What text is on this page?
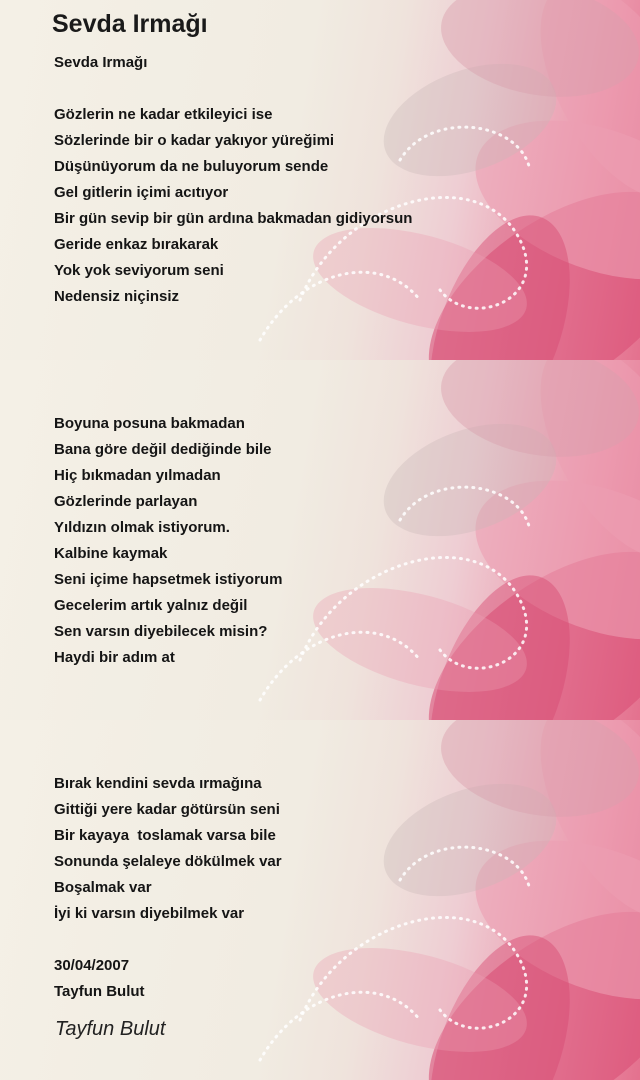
Sevda Irmağı
Sevda Irmağı
Gözlerin ne kadar etkileyici ise
Sözlerinde bir o kadar yakıyor yüreğimi
Düşünüyorum da ne buluyorum sende
Gel gitlerin içimi acıtıyor
Bir gün sevip bir gün ardına bakmadan gidiyorsun
Geride enkaz bırakarak
Yok yok seviyorum seni
Nedensiz niçinsiz
Boyuna posuna bakmadan
Bana göre değil dediğinde bile
Hiç bıkmadan yılmadan
Gözlerinde parlayan
Yıldızın olmak istiyorum.
Kalbine kaymak
Seni içime hapsetmek istiyorum
Gecelerim artık yalnız değil
Sen varsın diyebilecek misin?
Haydi bir adım at
Bırak kendini sevda ırmağına
Gittiği yere kadar götürsün seni
Bir kayaya  toslamak varsa bile
Sonunda şelaleye dökülmek var
Boşalmak var
İyi ki varsın diyebilmek var
30/04/2007
Tayfun Bulut
Tayfun Bulut
